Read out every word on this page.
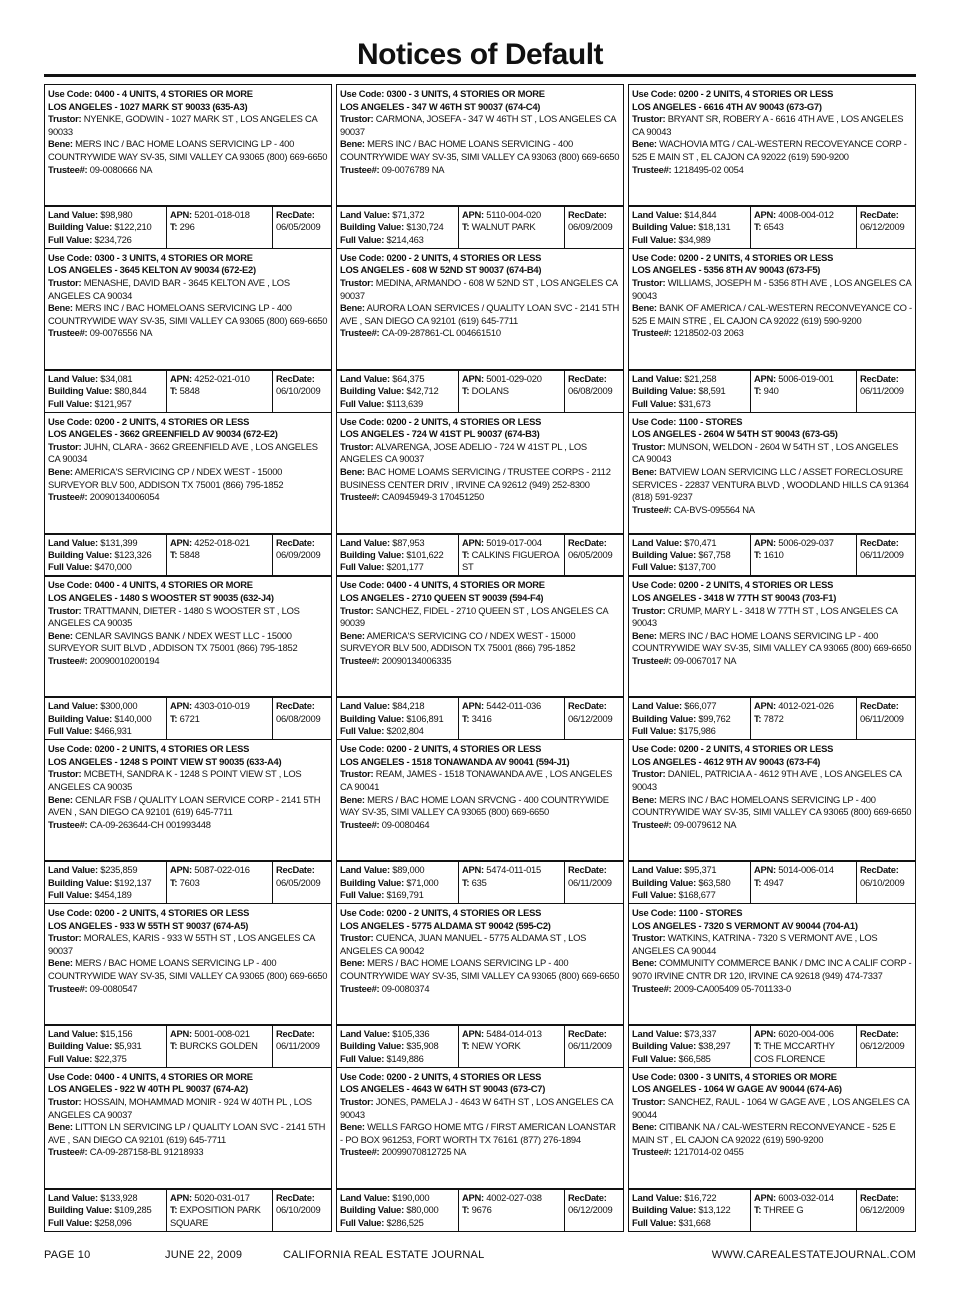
Notices of Default
Use Code: 0400 - 4 UNITS, 4 STORIES OR MORE
LOS ANGELES - 1027 MARK ST 90033 (635-A3)
Trustor: NYENKE, GODWIN - 1027 MARK ST , LOS ANGELES CA 90033
Bene: MERS INC / BAC HOME LOANS SERVICING LP - 400 COUNTRYWIDE WAY SV-35, SIMI VALLEY CA 93065 (800) 669-6650
Trustee#: 09-0080666 NA
Land Value: $98,980
Building Value: $122,210
Full Value: $234,726
APN: 5201-018-018
T: 296
RecDate:
06/05/2009
Use Code: 0300 - 3 UNITS, 4 STORIES OR MORE
LOS ANGELES - 3645 KELTON AV 90034 (672-E2)
Trustor: MENASHE, DAVID BAR - 3645 KELTON AVE , LOS ANGELES CA 90034
Bene: MERS INC / BAC HOMELOANS SERVICING LP - 400 COUNTRYWIDE WAY SV-35, SIMI VALLEY CA 93065 (800) 669-6650
Trustee#: 09-0076556 NA
Land Value: $34,081
Building Value: $80,844
Full Value: $121,957
APN: 4252-021-010
T: 5848
RecDate:
06/10/2009
Use Code: 0200 - 2 UNITS, 4 STORIES OR LESS
LOS ANGELES - 3662 GREENFIELD AV 90034 (672-E2)
Trustor: JUHN, CLARA - 3662 GREENFIELD AVE , LOS ANGELES CA 90034
Bene: AMERICA'S SERVICING CP / NDEX WEST - 15000 SURVEYOR BLV 500, ADDISON TX 75001 (866) 795-1852
Trustee#: 20090134006054
Land Value: $131,399
Building Value: $123,326
Full Value: $470,000
APN: 4252-018-021
T: 5848
RecDate:
06/09/2009
Use Code: 0400 - 4 UNITS, 4 STORIES OR MORE
LOS ANGELES - 1480 S WOOSTER ST 90035 (632-J4)
Trustor: TRATTMANN, DIETER - 1480 S WOOSTER ST , LOS ANGELES CA 90035
Bene: CENLAR SAVINGS BANK / NDEX WEST LLC - 15000 SURVEYOR SUIT BLVD , ADDISON TX 75001 (866) 795-1852
Trustee#: 20090010200194
Land Value: $300,000
Building Value: $140,000
Full Value: $466,931
APN: 4303-010-019
T: 6721
RecDate:
06/08/2009
Use Code: 0200 - 2 UNITS, 4 STORIES OR LESS
LOS ANGELES - 1248 S POINT VIEW ST 90035 (633-A4)
Trustor: MCBETH, SANDRA K - 1248 S POINT VIEW ST , LOS ANGELES CA 90035
Bene: CENLAR FSB / QUALITY LOAN SERVICE CORP - 2141 5TH AVEN , SAN DIEGO CA 92101 (619) 645-7711
Trustee#: CA-09-263644-CH 001993448
Land Value: $235,859
Building Value: $192,137
Full Value: $454,189
APN: 5087-022-016
T: 7603
RecDate:
06/05/2009
Use Code: 0200 - 2 UNITS, 4 STORIES OR LESS
LOS ANGELES - 933 W 55TH ST 90037 (674-A5)
Trustor: MORALES, KARIS - 933 W 55TH ST , LOS ANGELES CA 90037
Bene: MERS / BAC HOME LOANS SERVICING LP - 400 COUNTRYWIDE WAY SV-35, SIMI VALLEY CA 93065 (800) 669-6650
Trustee#: 09-0080547
Land Value: $15,156
Building Value: $5,931
Full Value: $22,375
APN: 5001-008-021
T: BURCKS GOLDEN
RecDate:
06/11/2009
Use Code: 0400 - 4 UNITS, 4 STORIES OR MORE
LOS ANGELES - 922 W 40TH PL 90037 (674-A2)
Trustor: HOSSAIN, MOHAMMAD MONIR - 924 W 40TH PL , LOS ANGELES CA 90037
Bene: LITTON LN SERVICING LP / QUALITY LOAN SVC - 2141 5TH AVE , SAN DIEGO CA 92101 (619) 645-7711
Trustee#: CA-09-287158-BL 91218933
Land Value: $133,928
Building Value: $109,285
Full Value: $258,096
APN: 5020-031-017
T: EXPOSITION PARK SQUARE
RecDate:
06/10/2009
Use Code: 0300 - 3 UNITS, 4 STORIES OR MORE
LOS ANGELES - 347 W 46TH ST 90037 (674-C4)
Trustor: CARMONA, JOSEFA - 347 W 46TH ST , LOS ANGELES CA 90037
Bene: MERS INC / BAC HOME LOANS SERVICING - 400 COUNTRYWIDE WAY SV-35, SIMI VALLEY CA 93063 (800) 669-6650
Trustee#: 09-0076789 NA
Land Value: $71,372
Building Value: $130,724
Full Value: $214,463
APN: 5110-004-020
T: WALNUT PARK
RecDate:
06/09/2009
Use Code: 0200 - 2 UNITS, 4 STORIES OR LESS
LOS ANGELES - 608 W 52ND ST 90037 (674-B4)
Trustor: MEDINA, ARMANDO - 608 W 52ND ST , LOS ANGELES CA 90037
Bene: AURORA LOAN SERVICES / QUALITY LOAN SVC - 2141 5TH AVE , SAN DIEGO CA 92101 (619) 645-7711
Trustee#: CA-09-287861-CL 004661510
Land Value: $64,375
Building Value: $42,712
Full Value: $113,639
APN: 5001-029-020
T: DOLANS
RecDate:
06/08/2009
Use Code: 0200 - 2 UNITS, 4 STORIES OR LESS
LOS ANGELES - 724 W 41ST PL 90037 (674-B3)
Trustor: ALVARENGA, JOSE ADELIO - 724 W 41ST PL , LOS ANGELES CA 90037
Bene: BAC HOME LOAMS SERVICING / TRUSTEE CORPS - 2112 BUSINESS CENTER DRIV , IRVINE CA 92612 (949) 252-8300
Trustee#: CA0945949-3 170451250
Land Value: $87,953
Building Value: $101,622
Full Value: $201,177
APN: 5019-017-004
T: CALKINS FIGUEROA ST
RecDate:
06/05/2009
Use Code: 0400 - 4 UNITS, 4 STORIES OR MORE
LOS ANGELES - 2710 QUEEN ST 90039 (594-F4)
Trustor: SANCHEZ, FIDEL - 2710 QUEEN ST , LOS ANGELES CA 90039
Bene: AMERICA'S SERVICING CO / NDEX WEST - 15000 SURVEYOR BLV 500, ADDISON TX 75001 (866) 795-1852
Trustee#: 20090134006335
Land Value: $84,218
Building Value: $106,891
Full Value: $202,804
APN: 5442-011-036
T: 3416
RecDate:
06/12/2009
Use Code: 0200 - 2 UNITS, 4 STORIES OR LESS
LOS ANGELES - 1518 TONAWANDA AV 90041 (594-J1)
Trustor: REAM, JAMES - 1518 TONAWANDA AVE , LOS ANGELES CA 90041
Bene: MERS / BAC HOME LOAN SRVCNG - 400 COUNTRYWIDE WAY SV-35, SIMI VALLEY CA 93065 (800) 669-6650
Trustee#: 09-0080464
Land Value: $89,000
Building Value: $71,000
Full Value: $169,791
APN: 5474-011-015
T: 635
RecDate:
06/11/2009
Use Code: 0200 - 2 UNITS, 4 STORIES OR LESS
LOS ANGELES - 5775 ALDAMA ST 90042 (595-C2)
Trustor: CUENCA, JUAN MANUEL - 5775 ALDAMA ST , LOS ANGELES CA 90042
Bene: MERS / BAC HOME LOANS SERVICING LP - 400 COUNTRYWIDE WAY SV-35, SIMI VALLEY CA 93065 (800) 669-6650
Trustee#: 09-0080374
Land Value: $105,336
Building Value: $35,908
Full Value: $149,886
APN: 5484-014-013
T: NEW YORK
RecDate:
06/11/2009
Use Code: 0200 - 2 UNITS, 4 STORIES OR LESS
LOS ANGELES - 4643 W 64TH ST 90043 (673-C7)
Trustor: JONES, PAMELA J - 4643 W 64TH ST , LOS ANGELES CA 90043
Bene: WELLS FARGO HOME MTG / FIRST AMERICAN LOANSTAR - PO BOX 961253, FORT WORTH TX 76161 (877) 276-1894
Trustee#: 20099070812725 NA
Land Value: $190,000
Building Value: $80,000
Full Value: $286,525
APN: 4002-027-038
T: 9676
RecDate:
06/12/2009
Use Code: 0200 - 2 UNITS, 4 STORIES OR LESS
LOS ANGELES - 6616 4TH AV 90043 (673-G7)
Trustor: BRYANT SR, ROBERY A - 6616 4TH AVE , LOS ANGELES CA 90043
Bene: WACHOVIA MTG / CAL-WESTERN RECOVEYANCE CORP - 525 E MAIN ST , EL CAJON CA 92022 (619) 590-9200
Trustee#: 1218495-02 0054
Land Value: $14,844
Building Value: $18,131
Full Value: $34,989
APN: 4008-004-012
T: 6543
RecDate:
06/12/2009
Use Code: 0200 - 2 UNITS, 4 STORIES OR LESS
LOS ANGELES - 5356 8TH AV 90043 (673-F5)
Trustor: WILLIAMS, JOSEPH M - 5356 8TH AVE , LOS ANGELES CA 90043
Bene: BANK OF AMERICA / CAL-WESTERN RECONVEYANCE CO - 525 E MAIN STRE , EL CAJON CA 92022 (619) 590-9200
Trustee#: 1218502-03 2063
Land Value: $21,258
Building Value: $8,591
Full Value: $31,673
APN: 5006-019-001
T: 940
RecDate:
06/11/2009
Use Code: 1100 - STORES
LOS ANGELES - 2604 W 54TH ST 90043 (673-G5)
Trustor: MUNSON, WELDON - 2604 W 54TH ST , LOS ANGELES CA 90043
Bene: BATVIEW LOAN SERVICING LLC / ASSET FORECLOSURE SERVICES - 22837 VENTURA BLVD , WOODLAND HILLS CA 91364 (818) 591-9237
Trustee#: CA-BVS-095564 NA
Land Value: $70,471
Building Value: $67,758
Full Value: $137,700
APN: 5006-029-037
T: 1610
RecDate:
06/11/2009
Use Code: 0200 - 2 UNITS, 4 STORIES OR LESS
LOS ANGELES - 3418 W 77TH ST 90043 (703-F1)
Trustor: CRUMP, MARY L - 3418 W 77TH ST , LOS ANGELES CA 90043
Bene: MERS INC / BAC HOME LOANS SERVICING LP - 400 COUNTRYWIDE WAY SV-35, SIMI VALLEY CA 93065 (800) 669-6650
Trustee#: 09-0067017 NA
Land Value: $66,077
Building Value: $99,762
Full Value: $175,986
APN: 4012-021-026
T: 7872
RecDate:
06/11/2009
Use Code: 0200 - 2 UNITS, 4 STORIES OR LESS
LOS ANGELES - 4612 9TH AV 90043 (673-F4)
Trustor: DANIEL, PATRICIA A - 4612 9TH AVE , LOS ANGELES CA 90043
Bene: MERS INC / BAC HOMELOANS SERVICING LP - 400 COUNTRYWIDE WAY SV-35, SIMI VALLEY CA 93065 (800) 669-6650
Trustee#: 09-0079612 NA
Land Value: $95,371
Building Value: $63,580
Full Value: $168,677
APN: 5014-006-014
T: 4947
RecDate:
06/10/2009
Use Code: 1100 - STORES
LOS ANGELES - 7320 S VERMONT AV 90044 (704-A1)
Trustor: WATKINS, KATRINA - 7320 S VERMONT AVE , LOS ANGELES CA 90044
Bene: COMMUNITY COMMERCE BANK / DMC INC A CALIF CORP - 9070 IRVINE CNTR DR 120, IRVINE CA 92618 (949) 474-7337
Trustee#: 2009-CA005409 05-701133-0
Land Value: $73,337
Building Value: $38,297
Full Value: $66,585
APN: 6020-004-006
T: THE MCCARTHY COS FLORENCE
RecDate:
06/12/2009
Use Code: 0300 - 3 UNITS, 4 STORIES OR MORE
LOS ANGELES - 1064 W GAGE AV 90044 (674-A6)
Trustor: SANCHEZ, RAUL - 1064 W GAGE AVE , LOS ANGELES CA 90044
Bene: CITIBANK NA / CAL-WESTERN RECONVEYANCE - 525 E MAIN ST , EL CAJON CA 92022 (619) 590-9200
Trustee#: 1217014-02 0455
Land Value: $16,722
Building Value: $13,122
Full Value: $31,668
APN: 6003-032-014
T: THREE G
RecDate:
06/12/2009
PAGE 10	JUNE 22, 2009	CALIFORNIA REAL ESTATE JOURNAL	WWW.CAREALESTATEJOURNAL.COM
